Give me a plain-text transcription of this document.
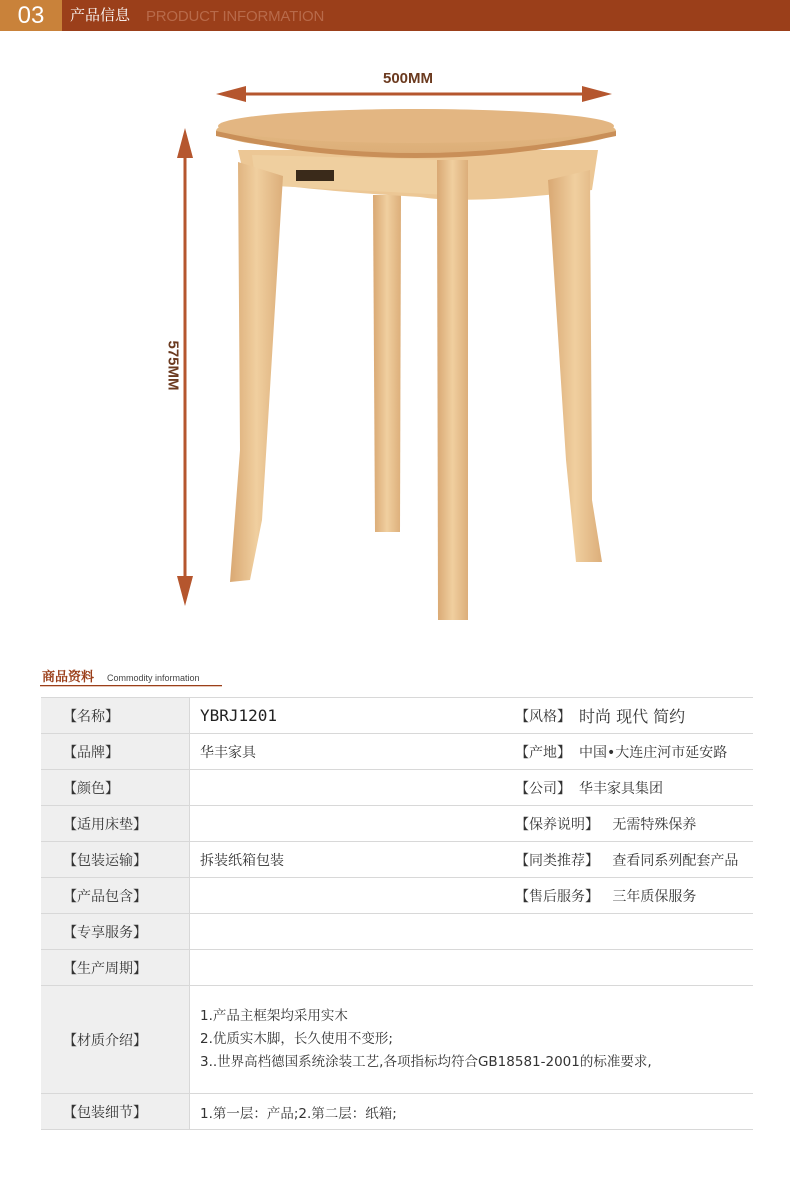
03	产品信息 PRODUCT INFORMATION
500MM
575MM
商品资料 Commodity information
【名称】	YBRJ1201	【风格】	时尚 现代 简约
【品牌】	华丰家具	【产地】	中国•大连庄河市延安路
【颜色】		【公司】	华丰家具集团
【适用床垫】		【保养说明】 无需特殊保养	
【包装运输】	拆装纸箱包装	【同类推荐】 查看同系列配套产品	
【产品包含】		【售后服务】 三年质保服务	
【专享服务】			
【生产周期】			
【材质介绍】	1.产品主框架均采用实木

2.优质实木脚，长久使用不变形;

3..世界高档德国系统涂装工艺,各项指标均符合GB18581-2001的标准要求,		

【包装细节】	1.第一层：产品;2.第二层：纸箱;		
